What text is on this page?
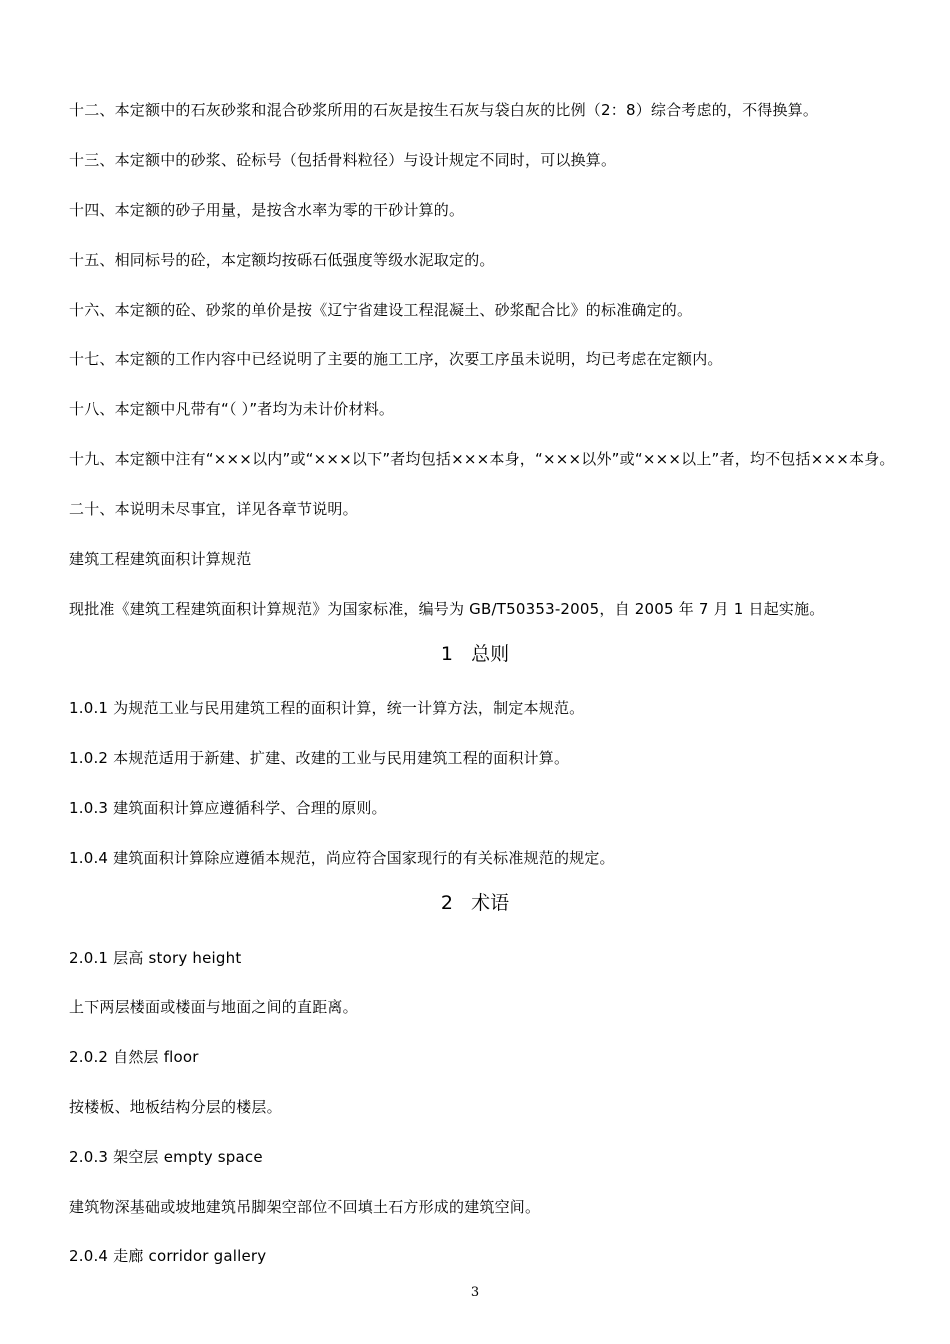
十二、本定额中的石灰砂浆和混合砂浆所用的石灰是按生石灰与袋白灰的比例（2：8）综合考虑的，不得换算。
十三、本定额中的砂浆、砼标号（包括骨料粒径）与设计规定不同时，可以换算。
十四、本定额的砂子用量，是按含水率为零的干砂计算的。
十五、相同标号的砼，本定额均按砾石低强度等级水泥取定的。
十六、本定额的砼、砂浆的单价是按《辽宁省建设工程混凝土、砂浆配合比》的标准确定的。
十七、本定额的工作内容中已经说明了主要的施工工序，次要工序虽未说明，均已考虑在定额内。
十八、本定额中凡带有“（ ）”者均为未计价材料。
十九、本定额中注有“×××以内”或“×××以下”者均包括×××本身，“×××以外”或“×××以上”者，均不包括×××本身。
二十、本说明未尽事宜，详见各章节说明。
建筑工程建筑面积计算规范
现批准《建筑工程建筑面积计算规范》为国家标准，编号为 GB/T50353-2005，自 2005 年 7 月 1 日起实施。
1   总则
1.0.1 为规范工业与民用建筑工程的面积计算，统一计算方法，制定本规范。
1.0.2 本规范适用于新建、扩建、改建的工业与民用建筑工程的面积计算。
1.0.3 建筑面积计算应遵循科学、合理的原则。
1.0.4 建筑面积计算除应遵循本规范，尚应符合国家现行的有关标准规范的规定。
2   术语
2.0.1 层高 story height
上下两层楼面或楼面与地面之间的直距离。
2.0.2 自然层 floor
按楼板、地板结构分层的楼层。
2.0.3 架空层 empty space
建筑物深基础或坡地建筑吊脚架空部位不回填土石方形成的建筑空间。
2.0.4 走廊 corridor gallery
3
